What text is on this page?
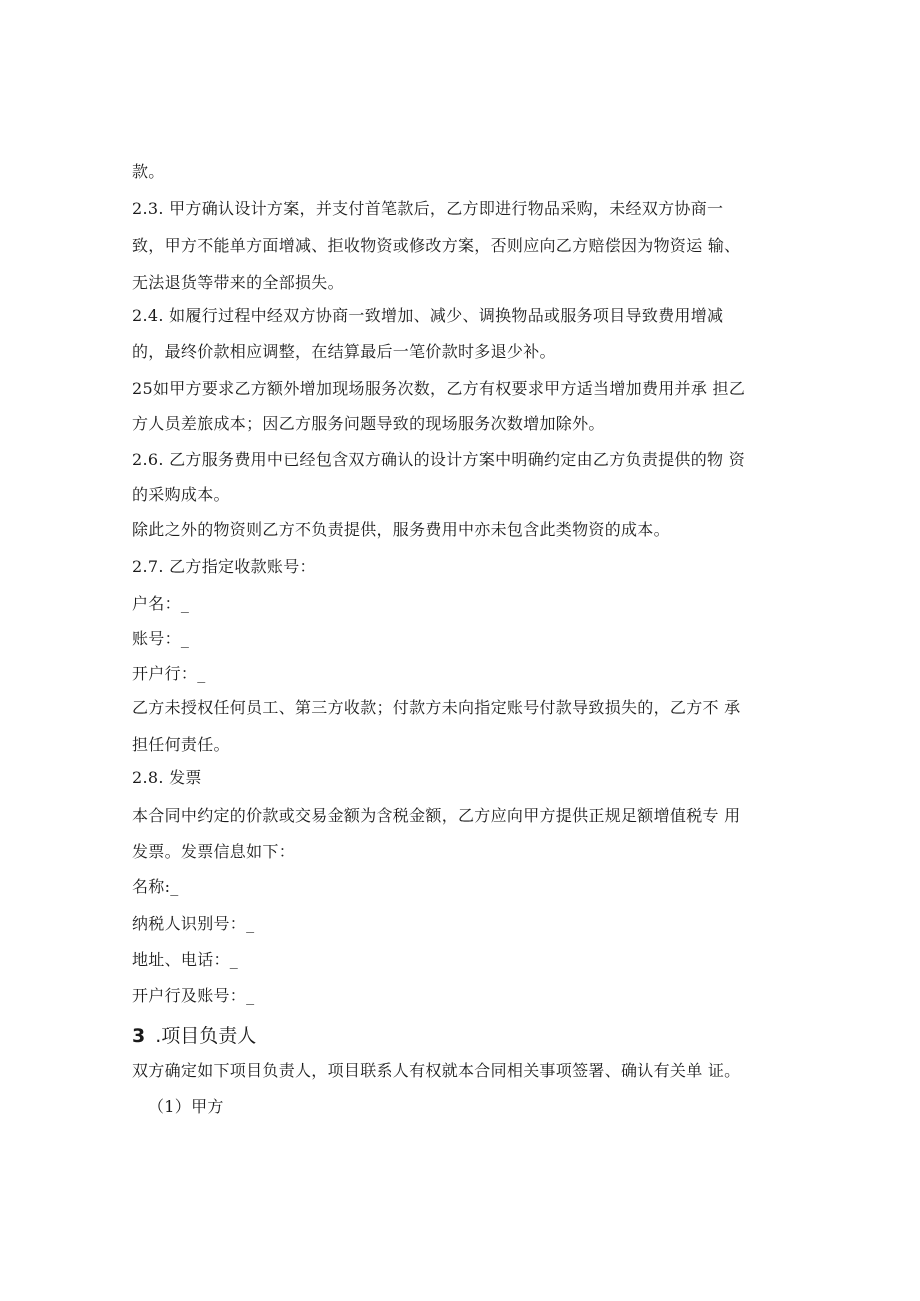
款。
2.3. 甲方确认设计方案，并支付首笔款后，乙方即进行物品采购，未经双方协商一
致，甲方不能单方面增减、拒收物资或修改方案，否则应向乙方赔偿因为物资运 输、
无法退货等带来的全部损失。
2.4. 如履行过程中经双方协商一致增加、减少、调换物品或服务项目导致费用增减
的，最终价款相应调整，在结算最后一笔价款时多退少补。
25如甲方要求乙方额外增加现场服务次数，乙方有权要求甲方适当增加费用并承 担乙
方人员差旅成本；因乙方服务问题导致的现场服务次数增加除外。
2.6. 乙方服务费用中已经包含双方确认的设计方案中明确约定由乙方负责提供的物 资
的采购成本。
除此之外的物资则乙方不负责提供，服务费用中亦未包含此类物资的成本。
2.7. 乙方指定收款账号：
户名：_
账号：_
开户行：_
乙方未授权任何员工、第三方收款；付款方未向指定账号付款导致损失的，乙方不 承
担任何责任。
2.8. 发票
本合同中约定的价款或交易金额为含税金额，乙方应向甲方提供正规足额增值税专 用
发票。发票信息如下：
名称:_
纳税人识别号：_
地址、电话：_
开户行及账号：_
3 .项目负责人
双方确定如下项目负责人，项目联系人有权就本合同相关事项签署、确认有关单 证。
（1）甲方
